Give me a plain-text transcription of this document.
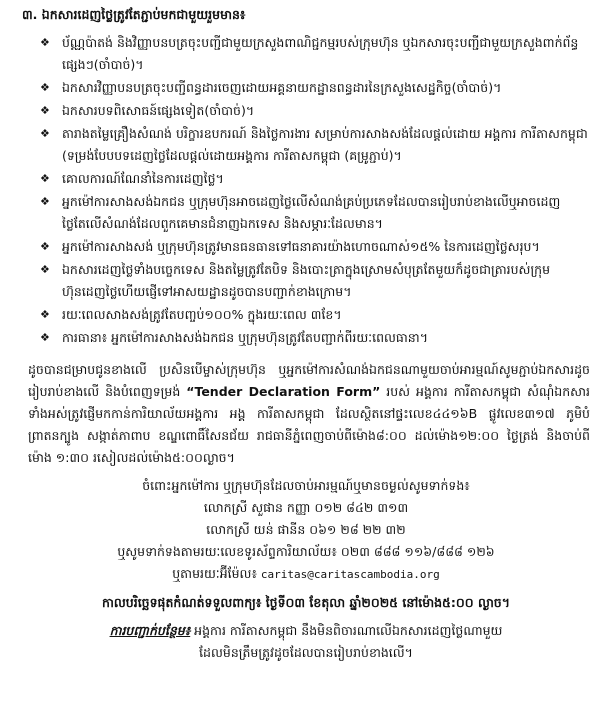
៣. ឯកសារដេញថ្លៃត្រូវតែភ្ជាប់មកជាមួយរួមមាន៖
❖ ប័ណ្ណប៉ាតង់ និងវិញ្ញាបនបត្រចុះបញ្ជីជាមួយក្រសួងពាណិជ្ជកម្មរបស់ក្រុមហ៊ុន ឬឯកសារចុះបញ្ជីជាមួយក្រសួងពាក់ព័ន្ធផ្សេងៗ(ចាំបាច់)។
❖ ឯកសារវិញ្ញាបនបត្រចុះបញ្ជីពន្ធដារចេញដោយអគ្គនាយកដ្ឋានពន្ធដារនៃក្រសួងសេដ្ឋកិច្ច(ចាំបាច់)។
❖ ឯកសារបទពិសោធន៍ផ្សេងទៀត(ចាំបាច់)។
❖ តារាងតម្លៃគ្រឿងសំណង់ បរិក្ខារឧបករណ៍ និងថ្លៃការងារ សម្រាប់ការសាងសង់ដែលផ្តល់ដោយ អង្គការ ការីតាសកម្ពុជា (ទម្រង់បែបបទដេញថ្លៃដែលផ្តល់ដោយអង្គការ ការីតាសកម្ពុជា (គម្រូភ្ជាប់)។
❖ គោលការណ៍ណែនាំនៃការដេញថ្លៃ។
❖ អ្នកម៉ៅការសាងសង់ឯកជន ឬក្រុមហ៊ុនអាចដេញថ្លៃលើសំណង់គ្រប់ប្រភេទដែលបានរៀបរាប់ខាងលើឬអាចដេញថ្លៃតែលើសំណង់ដែលពួកគេមានជំនាញឯកទេស និងសម្ភារៈដែលមាន។
❖ អ្នកម៉ៅការសាងសង់ ឬក្រុមហ៊ុនត្រូវមានធនធានទៅធនាគារយ៉ាងហោចណាស់១៥% នៃការដេញថ្លៃសរុប។
❖ ឯកសារដេញថ្លៃទាំងបច្ចេកទេស និងតម្លៃត្រូវតែបិទ និងបោះត្រាក្នុងស្រោមសំបុត្រតែមួយក៏ដូចជាត្រារបស់ក្រុមហ៊ុនដេញថ្លៃហើយផ្ញើទៅអាសយដ្ឋានដូចបានបញ្ជាក់ខាងក្រោម។
❖ រយៈពេលសាងសង់ត្រូវតែបញ្ចប់១០០% ក្នុងរយៈពេល ៣ខែ។
❖ ការធានា៖ អ្នកម៉ៅការសាងសង់ឯកជន ឬក្រុមហ៊ុនត្រូវតែបញ្ជាក់ពីរយៈពេលធានា។

ដូចបានជម្រាបជូនខាងលើ ប្រសិនបើម្ចាស់ក្រុមហ៊ុន ឬអ្នកម៉ៅការសំណង់ឯកជនណាមួយចាប់អារម្មណ៍សូមភ្ជាប់ឯកសារដូចរៀបរាប់ខាងលើ និងបំពេញទម្រង់ “Tender Declaration Form” របស់ អង្គការ ការីតាសកម្ពុជា សំណុំឯកសារទាំងអស់ត្រូវផ្ញើមកកាន់ការិយាល័យអង្គការ អង្គ ការីតាសកម្ពុជា ដែលស្ថិតនៅផ្ទះលេខ៤៤១៦B ផ្លូវលេខ៣១៧ ភូមិបំព្រាតនក្បូង សង្កាត់ភាពាប ខណ្ឌពោធិ៍សែនជ័យ រាជធានីភ្នំពេញចាប់ពីម៉ោង៨:០០ ដល់ម៉ោង១២:០០ ថ្ងៃត្រង់ និងចាប់ពីម៉ោង ១:៣០ រសៀលដល់ម៉ោង៥:០០ល្ងាច។

ចំពោះអ្នកម៉ៅការ ឬក្រុមហ៊ុនដែលចាប់អារម្មណ៍ឬមានចម្ងល់សូមទាក់ទង៖
លោកស្រី សួផាន កញ្ញា ០១២ ៨៤២ ៣១៣
លោកស្រី យន់ ផានីន ០៦១ ២៨ ២២ ៣២
ឬសូមទាក់ទងតាមរយៈលេខទូរស័ព្ទការិយាល័យ៖ ០២៣ ៨៨៨ ១១៦/៨៨៨ ១២៦
ឬតាមរយៈអ៊ីម៉ែល៖ caritas@caritascambodia.org
កាលបរិច្ឆេទផុតកំណត់ទទួលពាក្យ៖ ថ្ងៃទី០៣ ខែតុលា ឆ្នាំ២០២៥ នៅម៉ោង៥:០០ ល្ងាច។
ការបញ្ជាក់បន្ថែម៖ អង្គការ ការីតាសកម្ពុជា នឹងមិនពិចារណាលើឯកសារដេញថ្លៃណាមួយ
ដែលមិនត្រឹមត្រូវដូចដែលបានរៀបរាប់ខាងលើ។
